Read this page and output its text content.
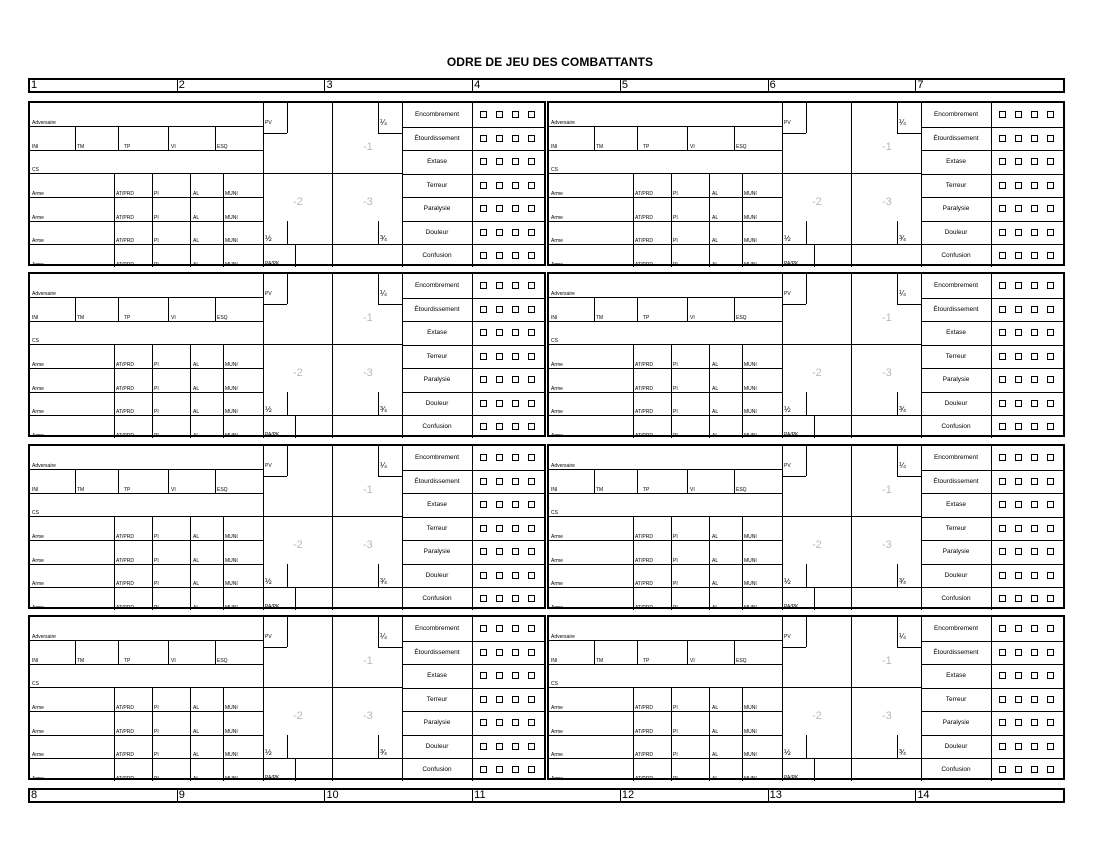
ODRE DE JEU DES COMBATTANTS
1	2	3	4	5	6	7
8	9	10	11	12	13	14
Adversaire
INI	TM	TP	VI	ESQ
CS
Arme	AT/PRD	PI	AL	MUNI
Arme	AT/PRD	PI	AL	MUNI
Arme	AT/PRD	PI	AL	MUNI
Arme	AT/PRD	PI	AL	MUNI
PV	¼
½	¾
PA/PK
-1
-2	-3
Encombrement
Étourdissement
Extase
Terreur
Paralysie
Douleur
Confusion
Adversaire
INI	TM	TP	VI	ESQ
CS
Arme	AT/PRD	PI	AL	MUNI
Arme	AT/PRD	PI	AL	MUNI
Arme	AT/PRD	PI	AL	MUNI
Arme	AT/PRD	PI	AL	MUNI
PV	¼
½	¾
PA/PK
-1
-2	-3
Encombrement
Étourdissement
Extase
Terreur
Paralysie
Douleur
Confusion
Adversaire
INI	TM	TP	VI	ESQ
CS
Arme	AT/PRD	PI	AL	MUNI
Arme	AT/PRD	PI	AL	MUNI
Arme	AT/PRD	PI	AL	MUNI
Arme	AT/PRD	PI	AL	MUNI
PV	¼
½	¾
PA/PK
-1
-2	-3
Encombrement
Étourdissement
Extase
Terreur
Paralysie
Douleur
Confusion
Adversaire
INI	TM	TP	VI	ESQ
CS
Arme	AT/PRD	PI	AL	MUNI
Arme	AT/PRD	PI	AL	MUNI
Arme	AT/PRD	PI	AL	MUNI
Arme	AT/PRD	PI	AL	MUNI
PV	¼
½	¾
PA/PK
-1
-2	-3
Encombrement
Étourdissement
Extase
Terreur
Paralysie
Douleur
Confusion
Adversaire
INI	TM	TP	VI	ESQ
CS
Arme	AT/PRD	PI	AL	MUNI
Arme	AT/PRD	PI	AL	MUNI
Arme	AT/PRD	PI	AL	MUNI
Arme	AT/PRD	PI	AL	MUNI
PV	¼
½	¾
PA/PK
-1
-2	-3
Encombrement
Étourdissement
Extase
Terreur
Paralysie
Douleur
Confusion
Adversaire
INI	TM	TP	VI	ESQ
CS
Arme	AT/PRD	PI	AL	MUNI
Arme	AT/PRD	PI	AL	MUNI
Arme	AT/PRD	PI	AL	MUNI
Arme	AT/PRD	PI	AL	MUNI
PV	¼
½	¾
PA/PK
-1
-2	-3
Encombrement
Étourdissement
Extase
Terreur
Paralysie
Douleur
Confusion
Adversaire
INI	TM	TP	VI	ESQ
CS
Arme	AT/PRD	PI	AL	MUNI
Arme	AT/PRD	PI	AL	MUNI
Arme	AT/PRD	PI	AL	MUNI
Arme	AT/PRD	PI	AL	MUNI
PV	¼
½	¾
PA/PK
-1
-2	-3
Encombrement
Étourdissement
Extase
Terreur
Paralysie
Douleur
Confusion
Adversaire
INI	TM	TP	VI	ESQ
CS
Arme	AT/PRD	PI	AL	MUNI
Arme	AT/PRD	PI	AL	MUNI
Arme	AT/PRD	PI	AL	MUNI
Arme	AT/PRD	PI	AL	MUNI
PV	¼
½	¾
PA/PK
-1
-2	-3
Encombrement
Étourdissement
Extase
Terreur
Paralysie
Douleur
Confusion
